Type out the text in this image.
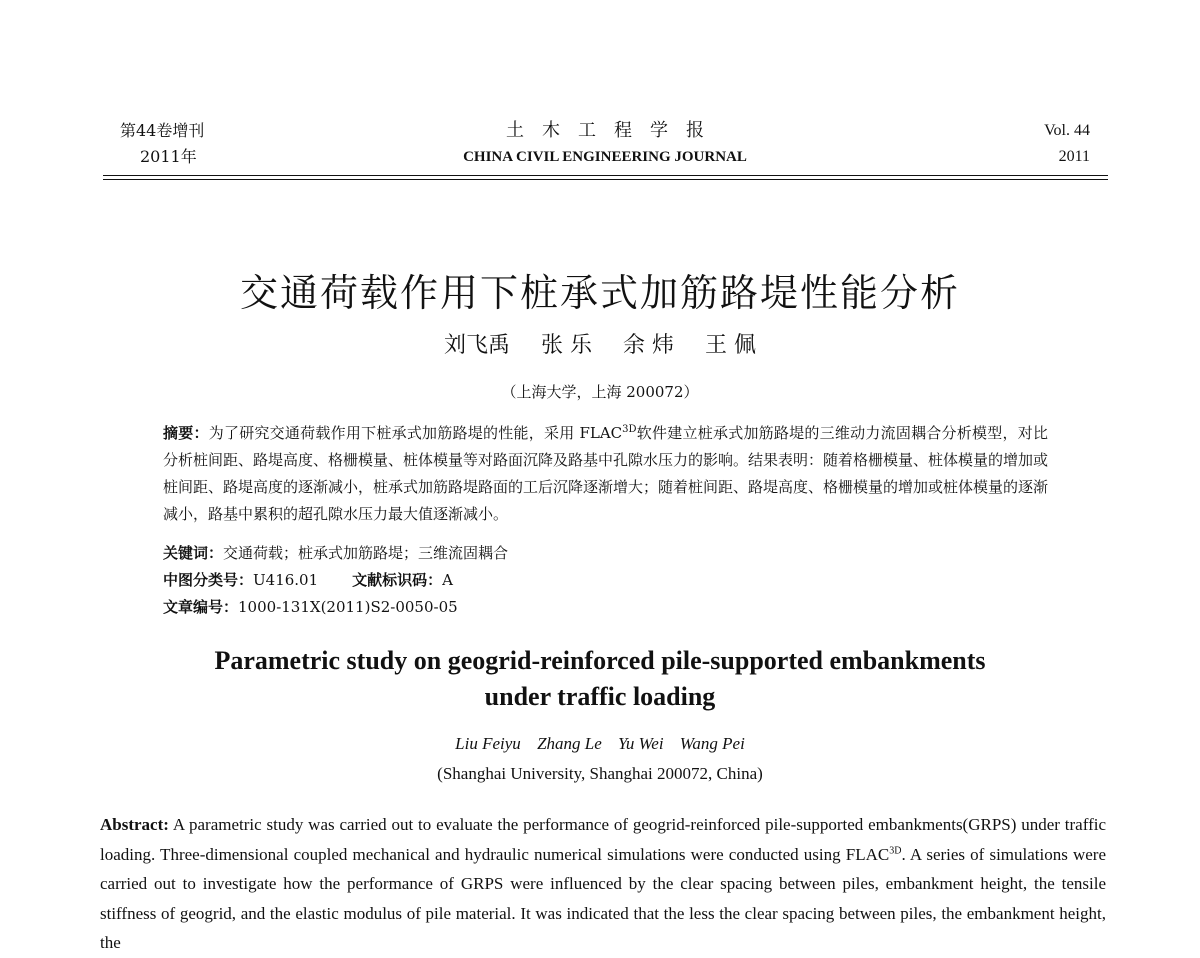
第44卷增刊
2011年
土木工程学报
CHINA CIVIL ENGINEERING JOURNAL
Vol. 44
2011
交通荷载作用下桩承式加筋路堤性能分析
刘飞禹 张 乐 余 炜 王 佩
（上海大学，上海 200072）
摘要：为了研究交通荷载作用下桩承式加筋路堤的性能，采用 $FLAC^{3D}$软件建立桩承式加筋路堤的三维动力流固耦合分析模型，对比分析桩间距、路堤高度、格栅模量、桩体模量等对路面沉降及路基中孔隙水压力的影响。结果表明：随着格栅模量、桩体模量的增加或桩间距、路堤高度的逐渐减小，桩承式加筋路堤路面的工后沉降逐渐增大；随着桩间距、路堤高度、格栅模量的增加或桩体模量的逐渐减小，路基中累积的超孔隙水压力最大值逐渐减小。
关键词：交通荷载；桩承式加筋路堤；三维流固耦合
中图分类号：U416.01 文献标识码：A
文章编号：1000-131X(2011)S2-0050-05
Parametric study on geogrid-reinforced pile-supported embankments
under traffic loading
Liu Feiyu Zhang Le Yu Wei Wang Pei
(Shanghai University, Shanghai 200072, China)
Abstract: A parametric study was carried out to evaluate the performance of geogrid-reinforced pile-supported embankments(GRPS) under traffic loading. Three-dimensional coupled mechanical and hydraulic numerical simulations were conducted using $FLAC^{3D}$. A series of simulations were carried out to investigate how the performance of GRPS were influenced by the clear spacing between piles, embankment height, the tensile stiffness of geogrid, and the elastic modulus of pile material. It was indicated that the less the clear spacing between piles, the embankment height, the
